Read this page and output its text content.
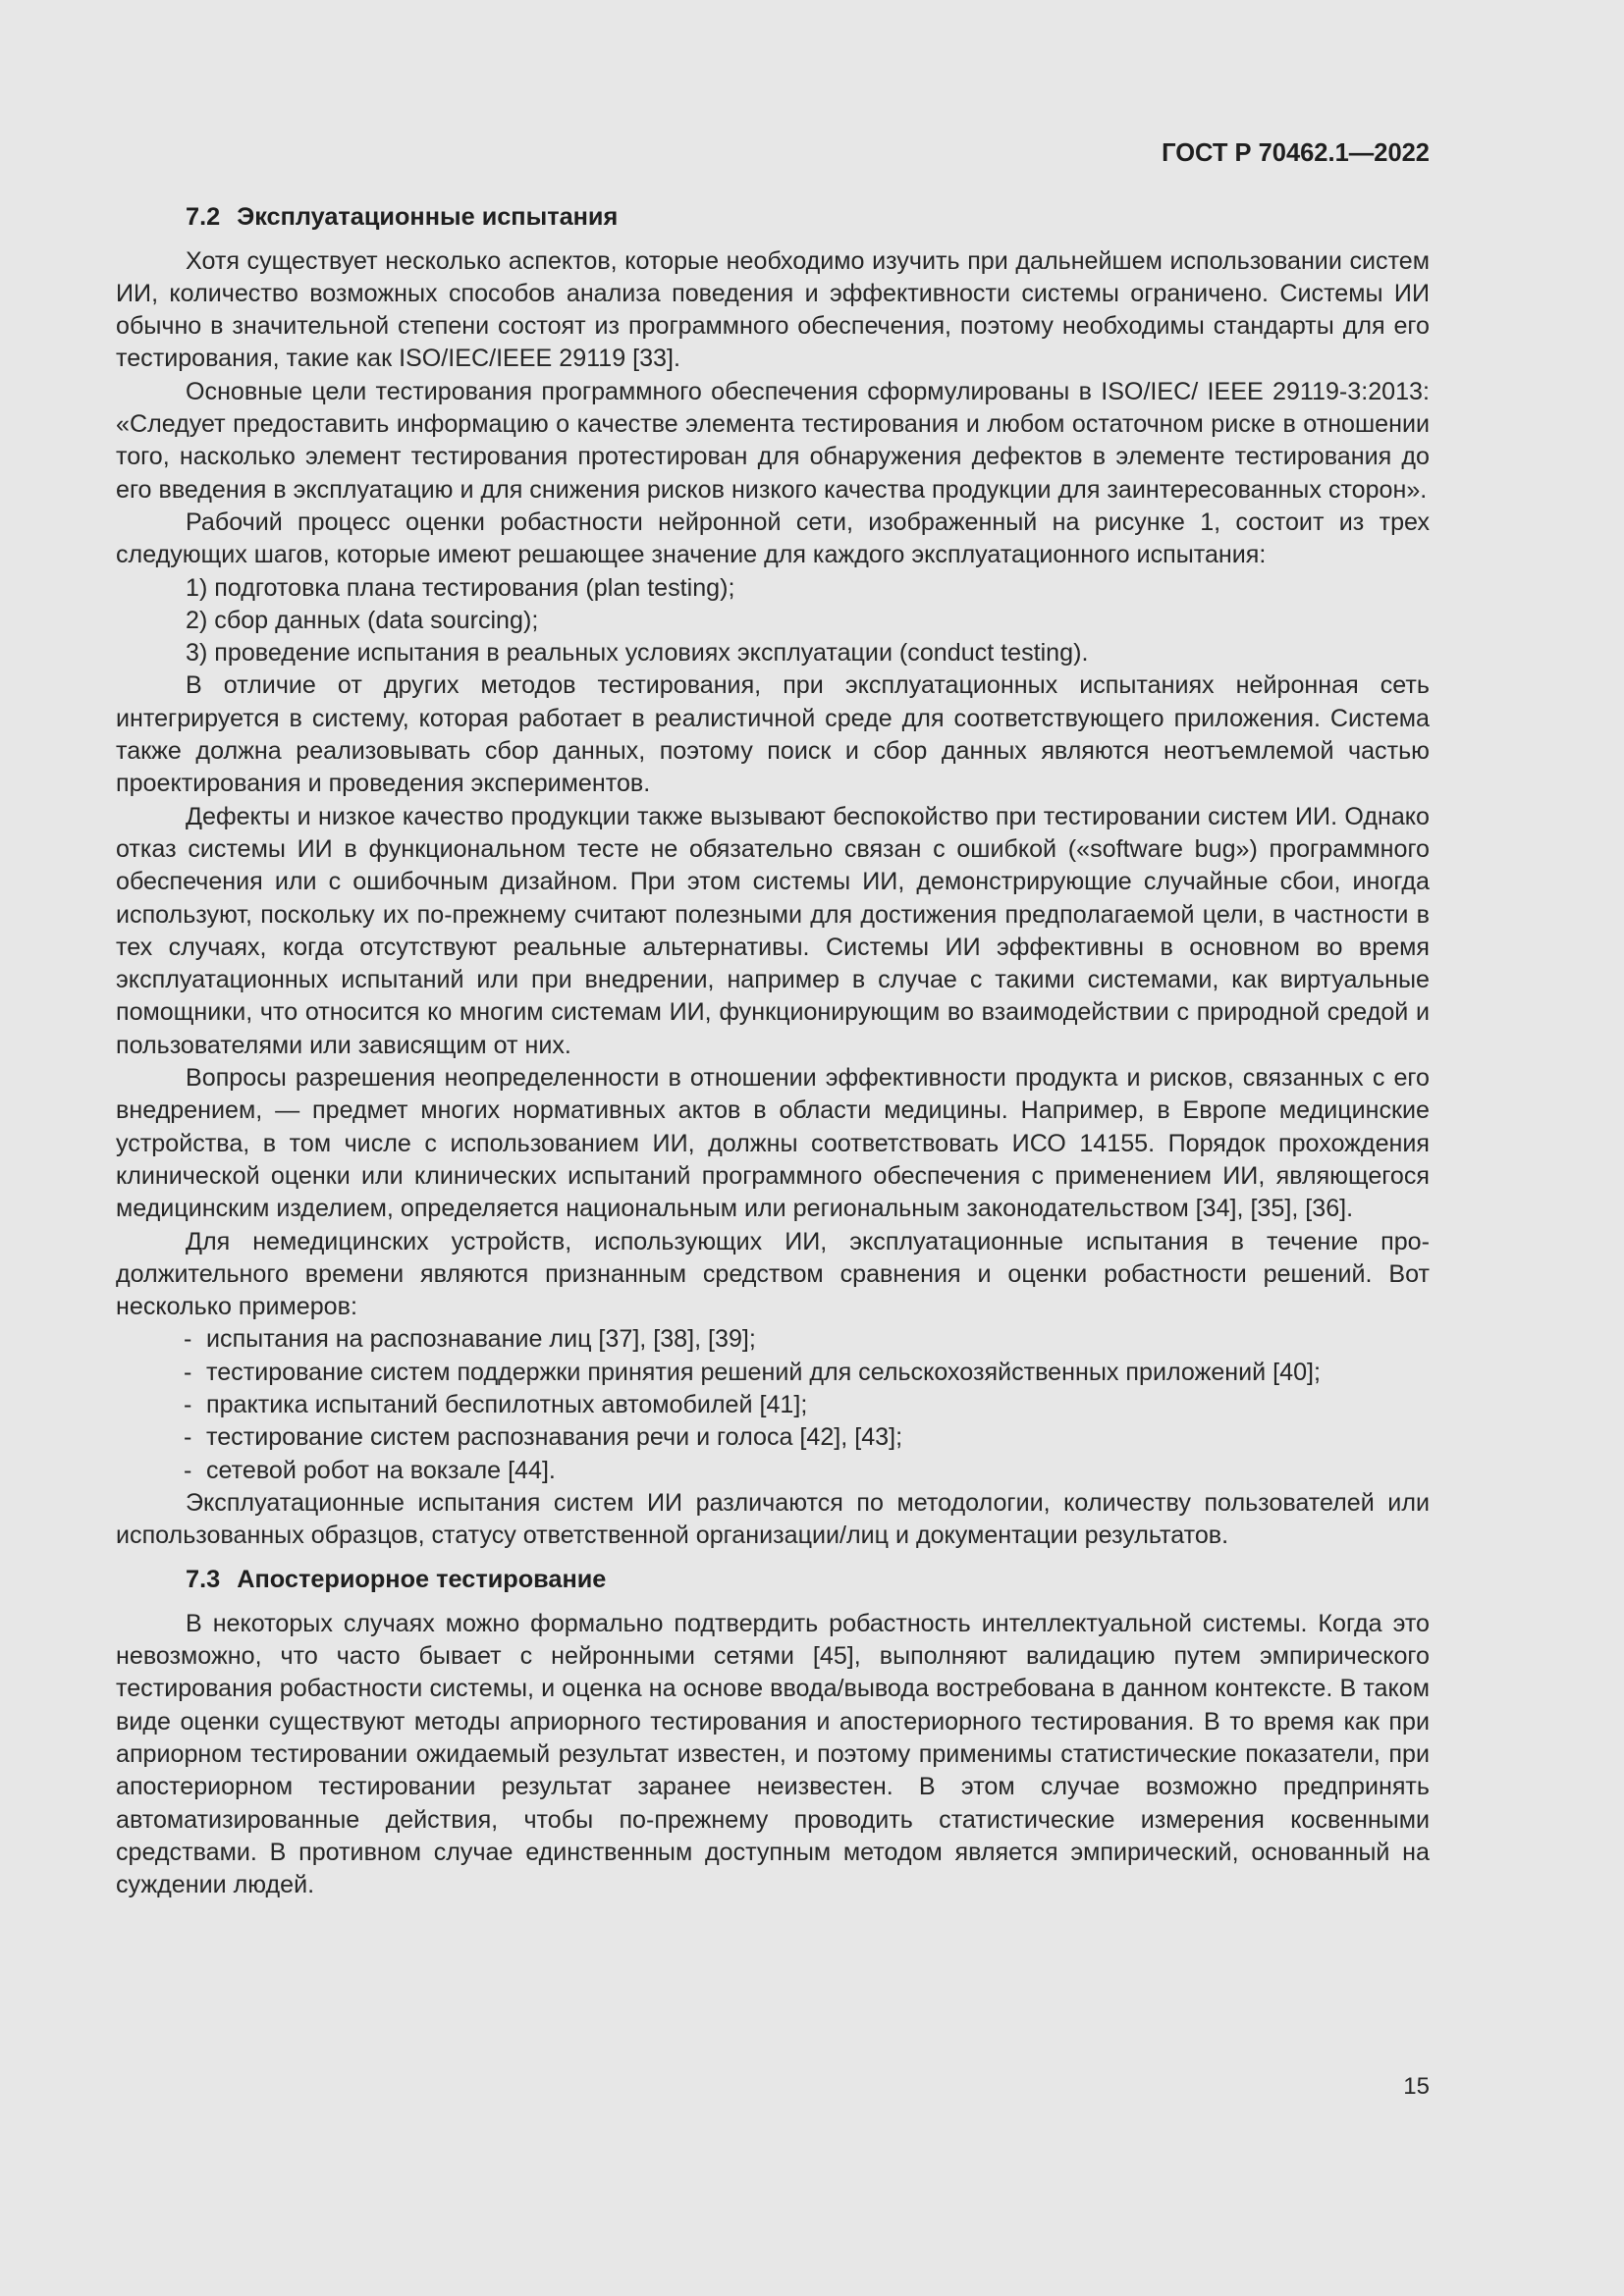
ГОСТ Р 70462.1—2022
7.2 Эксплуатационные испытания

Хотя существует несколько аспектов, которые необходимо изучить при дальнейшем использовании систем ИИ, количество возможных способов анализа поведения и эффективности системы ограничено. Системы ИИ обычно в значительной степени состоят из программного обеспечения, поэтому необходимы стандарты для его тестирования, такие как ISO/IEC/IEEE 29119 [33].

Основные цели тестирования программного обеспечения сформулированы в ISO/IEC/ IEEE 29119-3:2013: «Следует предоставить информацию о качестве элемента тестирования и любом остаточном риске в отношении того, насколько элемент тестирования протестирован для обнаружения дефектов в элементе тестирования до его введения в эксплуатацию и для снижения рисков низкого качества продукции для заинтересованных сторон».

Рабочий процесс оценки робастности нейронной сети, изображенный на рисунке 1, состоит из трех следующих шагов, которые имеют решающее значение для каждого эксплуатационного испытания:

1) подготовка плана тестирования (plan testing);
2) сбор данных (data sourcing);
3) проведение испытания в реальных условиях эксплуатации (conduct testing).

В отличие от других методов тестирования, при эксплуатационных испытаниях нейронная сеть интегрируется в систему, которая работает в реалистичной среде для соответствующего приложения. Система также должна реализовывать сбор данных, поэтому поиск и сбор данных являются неотъемлемой частью проектирования и проведения экспериментов.

Дефекты и низкое качество продукции также вызывают беспокойство при тестировании систем ИИ. Однако отказ системы ИИ в функциональном тесте не обязательно связан с ошибкой («software bug») программного обеспечения или с ошибочным дизайном. При этом системы ИИ, демонстрирующие случайные сбои, иногда используют, поскольку их по-прежнему считают полезными для достижения предполагаемой цели, в частности в тех случаях, когда отсутствуют реальные альтернативы. Системы ИИ эффективны в основном во время эксплуатационных испытаний или при внедрении, например в случае с такими системами, как виртуальные помощники, что относится ко многим системам ИИ, функционирующим во взаимодействии с природной средой и пользователями или зависящим от них.

Вопросы разрешения неопределенности в отношении эффективности продукта и рисков, связанных с его внедрением, — предмет многих нормативных актов в области медицины. Например, в Европе медицинские устройства, в том числе с использованием ИИ, должны соответствовать ИСО 14155. Порядок прохождения клинической оценки или клинических испытаний программного обеспечения с применением ИИ, являющегося медицинским изделием, определяется национальным или региональным законодательством [34], [35], [36].

Для немедицинских устройств, использующих ИИ, эксплуатационные испытания в течение продолжительного времени являются признанным средством сравнения и оценки робастности решений. Вот несколько примеров:

- испытания на распознавание лиц [37], [38], [39];
- тестирование систем поддержки принятия решений для сельскохозяйственных приложений [40];
- практика испытаний беспилотных автомобилей [41];
- тестирование систем распознавания речи и голоса [42], [43];
- сетевой робот на вокзале [44].

Эксплуатационные испытания систем ИИ различаются по методологии, количеству пользователей или использованных образцов, статусу ответственной организации/лиц и документации результатов.

7.3 Апостериорное тестирование

В некоторых случаях можно формально подтвердить робастность интеллектуальной системы. Когда это невозможно, что часто бывает с нейронными сетями [45], выполняют валидацию путем эмпирического тестирования робастности системы, и оценка на основе ввода/вывода востребована в данном контексте. В таком виде оценки существуют методы априорного тестирования и апостериорного тестирования. В то время как при априорном тестировании ожидаемый результат известен, и поэтому применимы статистические показатели, при апостериорном тестировании результат заранее неизвестен. В этом случае возможно предпринять автоматизированные действия, чтобы по-прежнему проводить статистические измерения косвенными средствами. В противном случае единственным доступным методом является эмпирический, основанный на суждении людей.

15
